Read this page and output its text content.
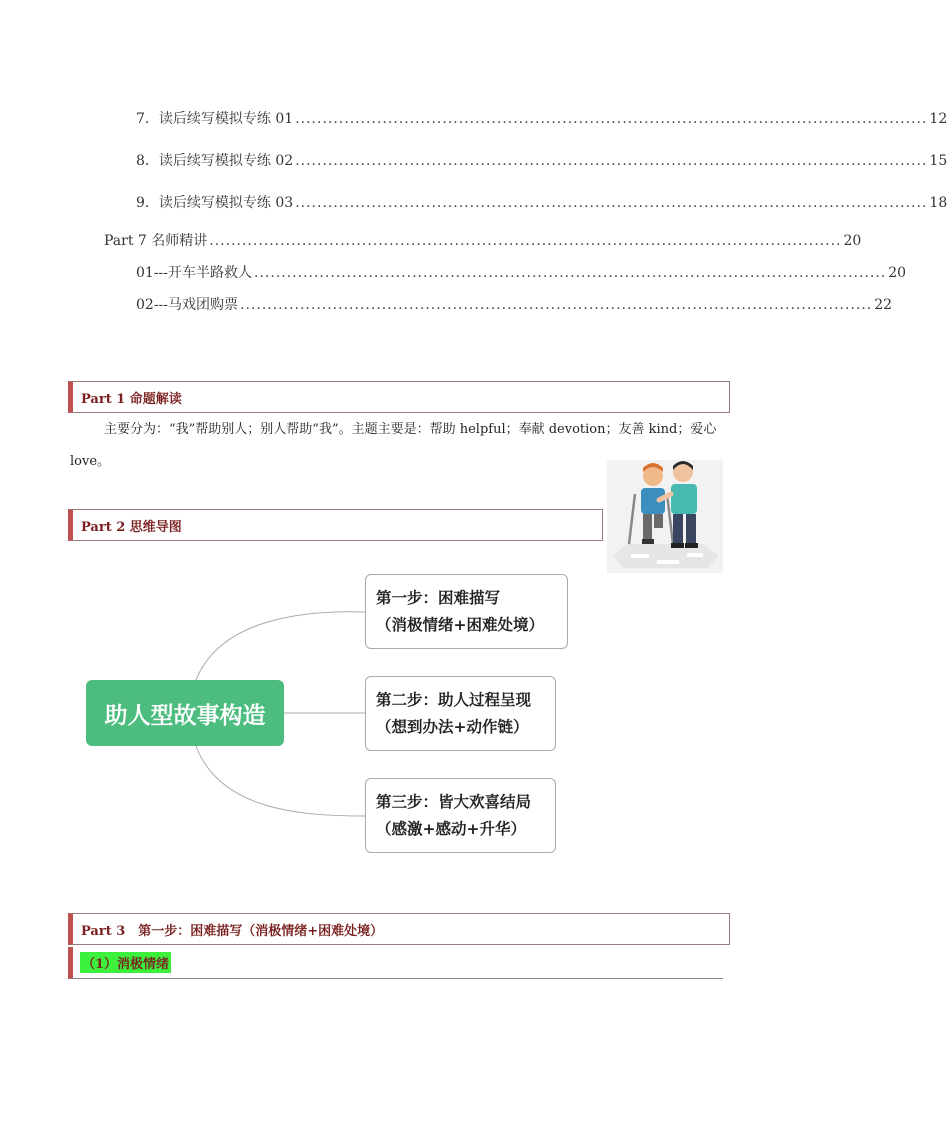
7． 读后续写模拟专练 01 .................................................................................................................... 12
8． 读后续写模拟专练 02 .................................................................................................................... 15
9． 读后续写模拟专练 03 .................................................................................................................... 18
Part 7 名师精讲 .................................................................................................................... 20
01---开车半路救人 .................................................................................................................... 20
02---马戏团购票 .................................................................................................................... 22
Part 1 命题解读
主要分为：“我”帮助别人；别人帮助“我”。主题主要是：帮助 helpful；奉献 devotion；友善 kind；爱心
love。
Part 2 思维导图
助人型故事构造
第一步：困难描写
（消极情绪+困难处境）
第二步：助人过程呈现
（想到办法+动作链）
第三步：皆大欢喜结局
（感激+感动+升华）
Part 3　第一步：困难描写（消极情绪+困难处境）
（1）消极情绪
